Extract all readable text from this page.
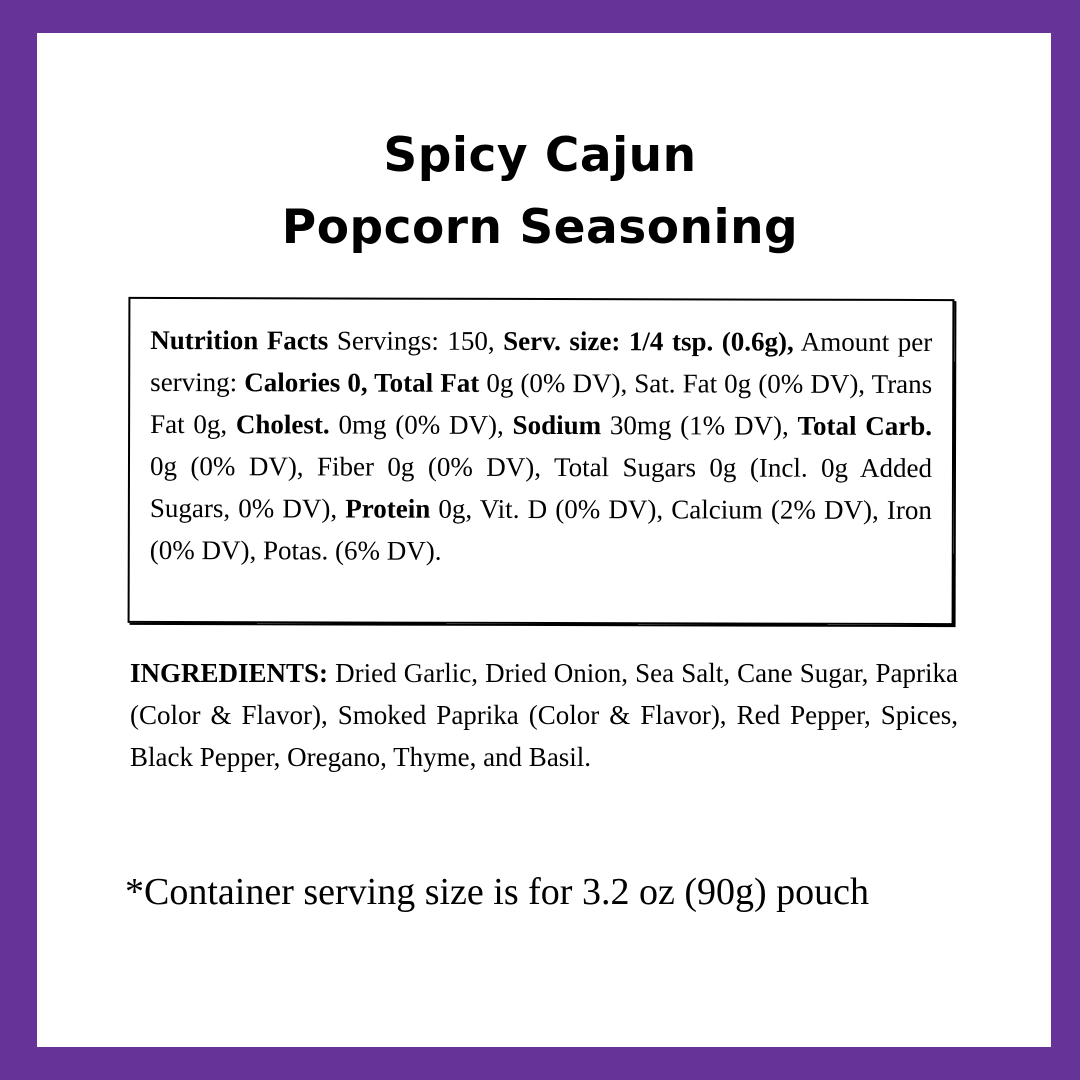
Spicy Cajun
Popcorn Seasoning

Nutrition Facts Servings: 150, Serv. size: 1/4 tsp. (0.6g), Amount per serving: Calories 0, Total Fat 0g (0% DV), Sat. Fat 0g (0% DV), Trans Fat 0g, Cholest. 0mg (0% DV), Sodium 30mg (1% DV), Total Carb. 0g (0% DV), Fiber 0g (0% DV), Total Sugars 0g (Incl. 0g Added Sugars, 0% DV), Protein 0g, Vit. D (0% DV), Calcium (2% DV), Iron (0% DV), Potas. (6% DV).

INGREDIENTS: Dried Garlic, Dried Onion, Sea Salt, Cane Sugar, Paprika (Color & Flavor), Smoked Paprika (Color & Flavor), Red Pepper, Spices, Black Pepper, Oregano, Thyme, and Basil.

*Container serving size is for 3.2 oz (90g) pouch
